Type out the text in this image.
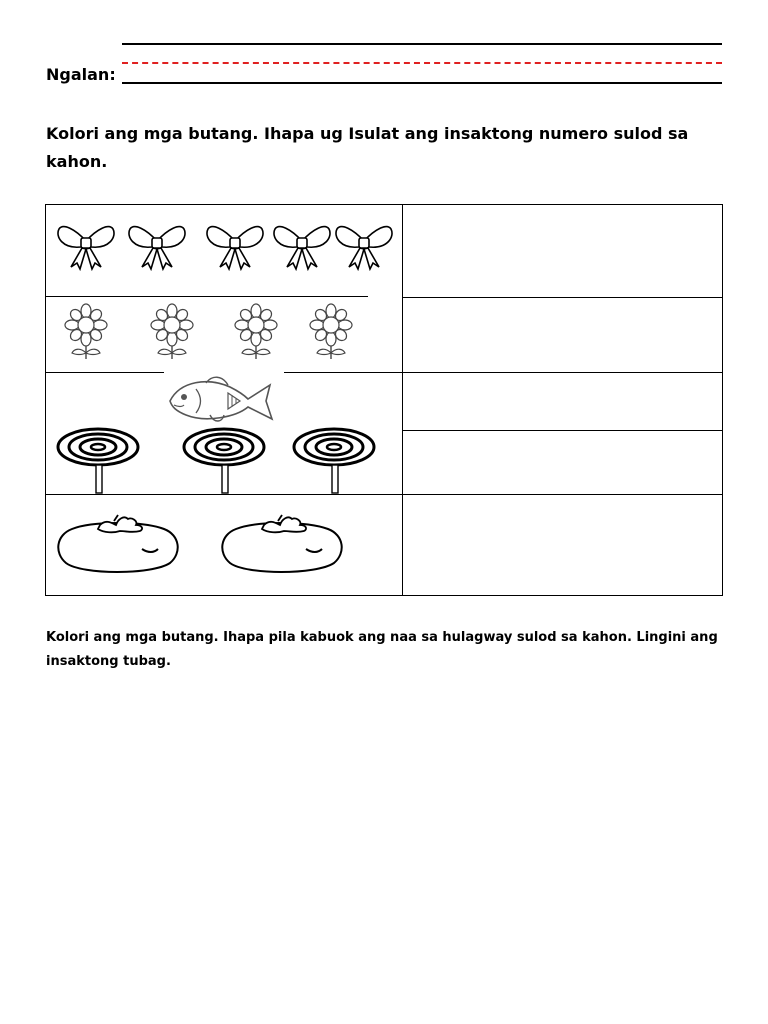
Ngalan:
Kolori ang mga butang. Ihapa ug Isulat ang insaktong numero sulod sa kahon.
Kolori ang mga butang. Ihapa pila kabuok ang naa sa hulagway sulod sa kahon. Lingini ang insaktong tubag.
